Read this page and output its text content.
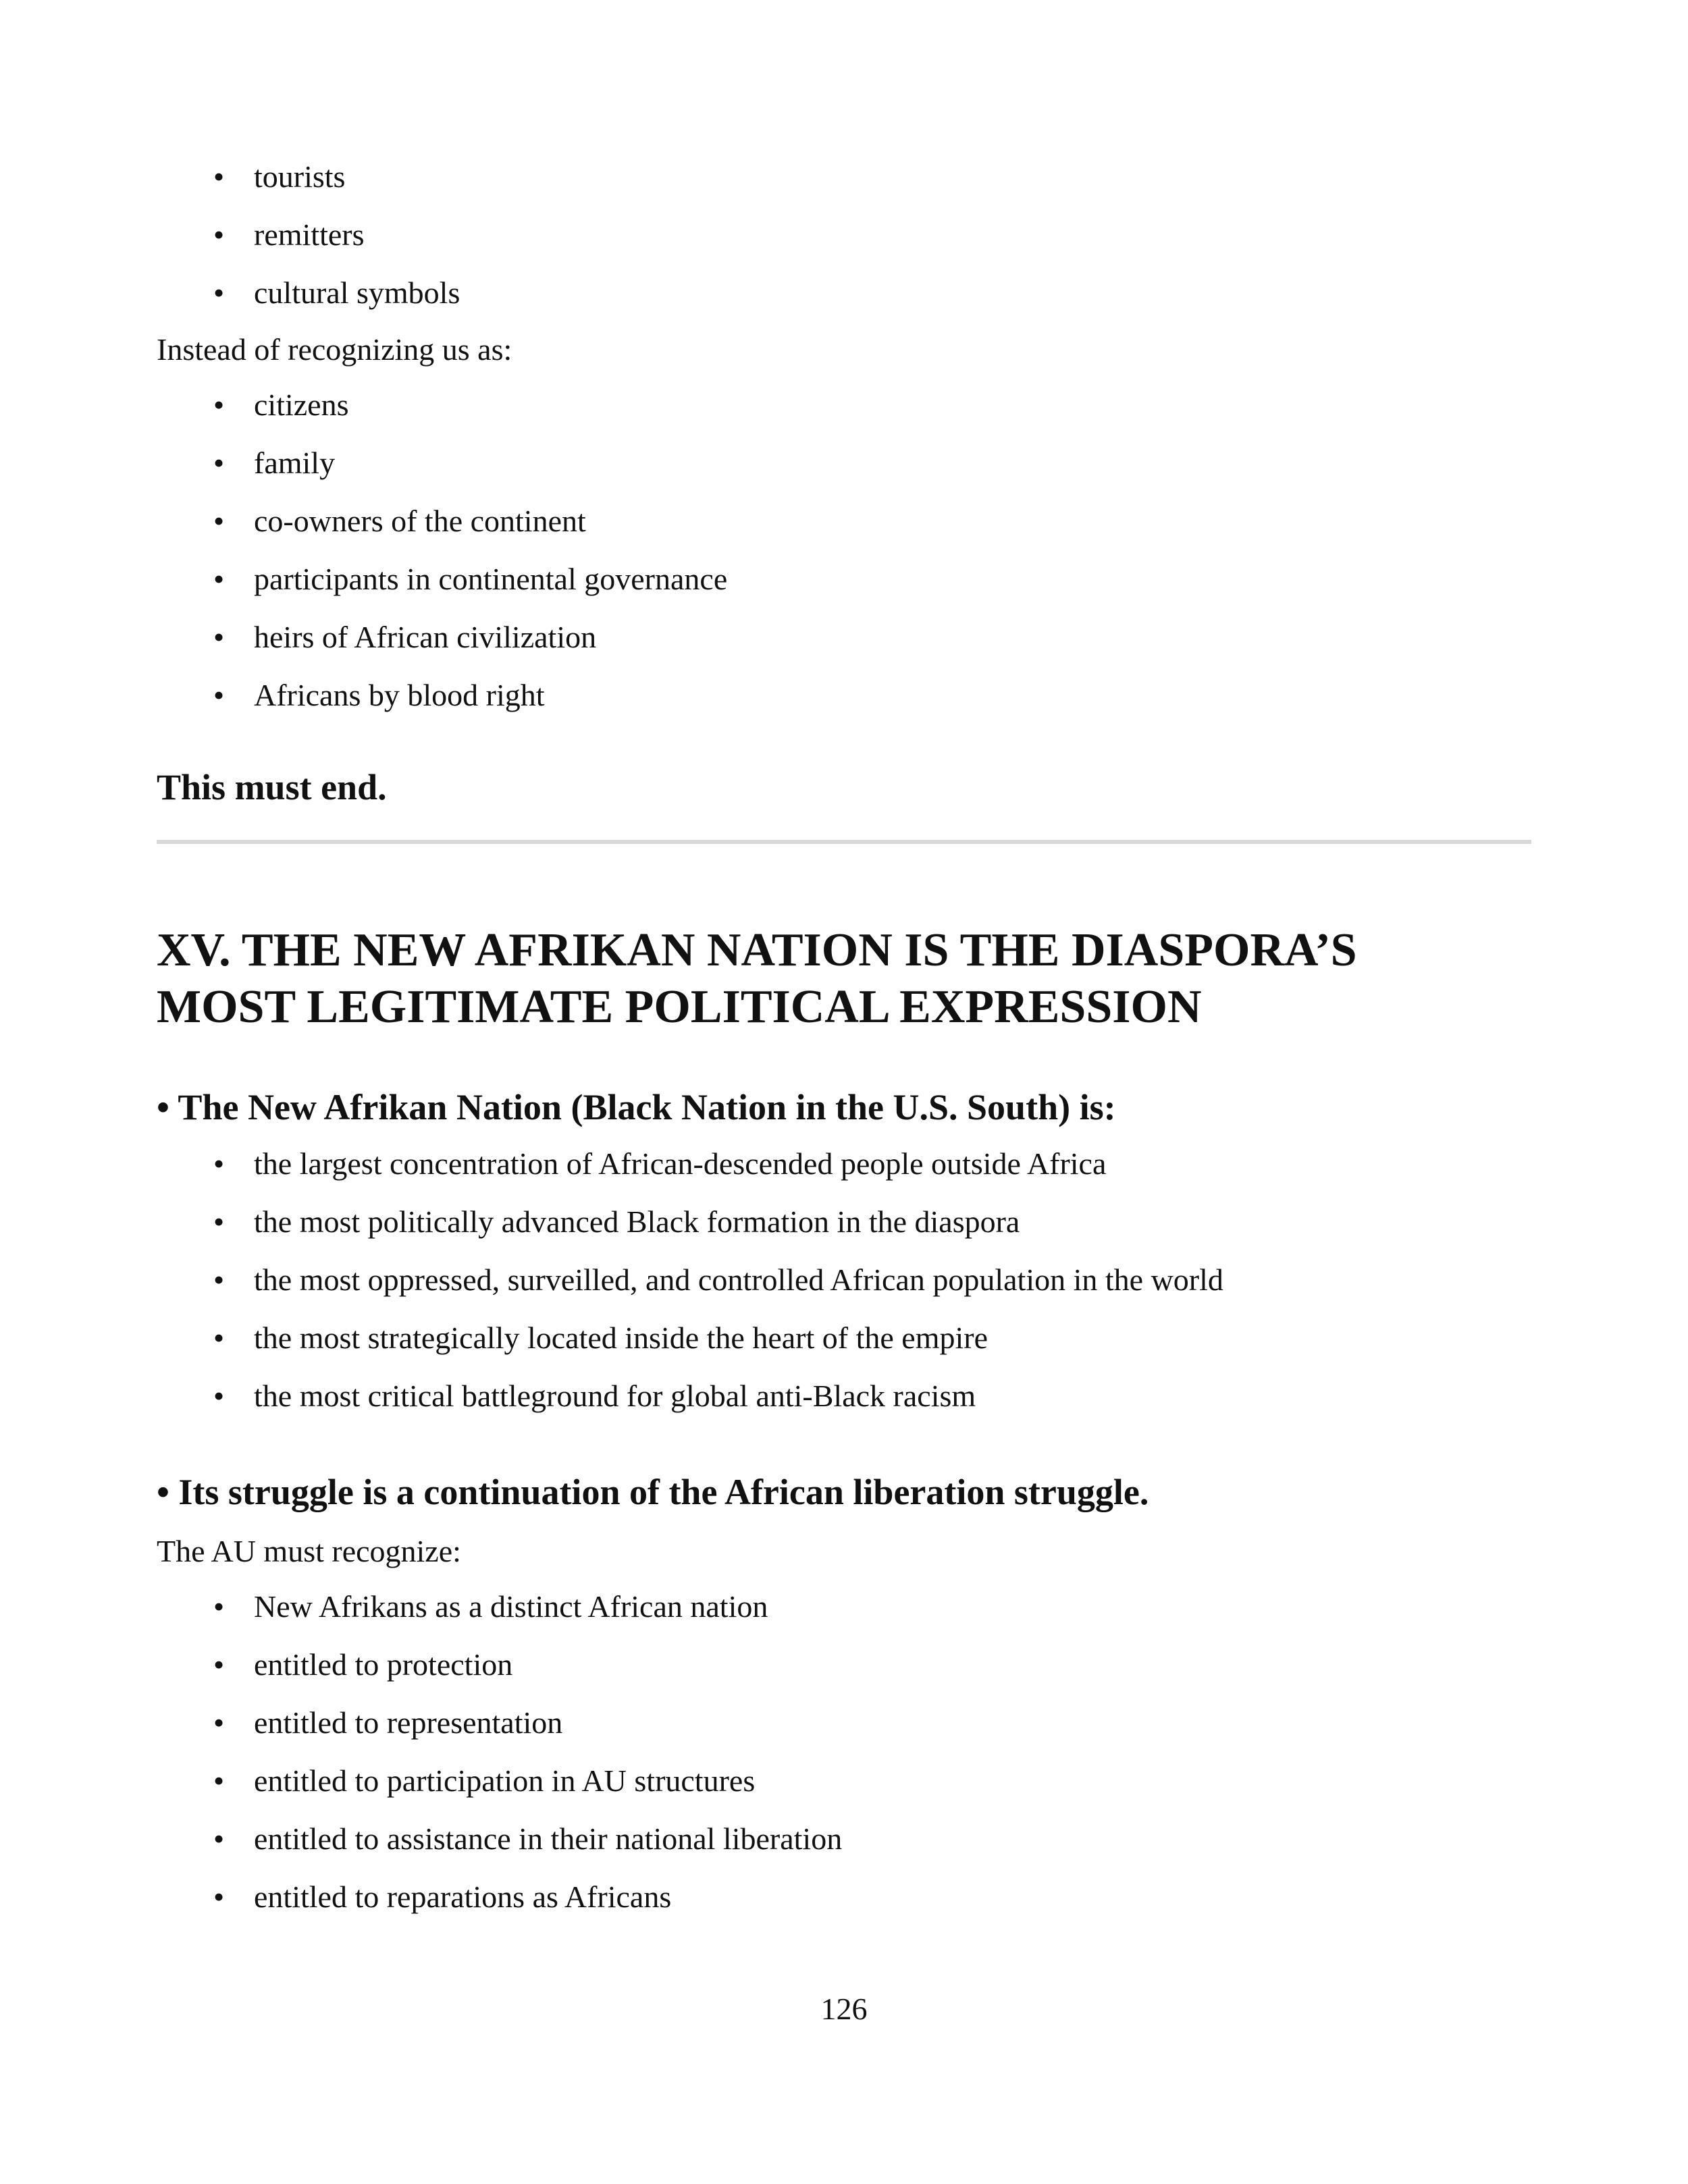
• tourists
• remitters
• cultural symbols
Instead of recognizing us as:
• citizens
• family
• co-owners of the continent
• participants in continental governance
• heirs of African civilization
• Africans by blood right
This must end.
XV. THE NEW AFRIKAN NATION IS THE DIASPORA’S
MOST LEGITIMATE POLITICAL EXPRESSION
• The New Afrikan Nation (Black Nation in the U.S. South) is:
• the largest concentration of African-descended people outside Africa
• the most politically advanced Black formation in the diaspora
• the most oppressed, surveilled, and controlled African population in the world
• the most strategically located inside the heart of the empire
• the most critical battleground for global anti-Black racism
• Its struggle is a continuation of the African liberation struggle.
The AU must recognize:
• New Afrikans as a distinct African nation
• entitled to protection
• entitled to representation
• entitled to participation in AU structures
• entitled to assistance in their national liberation
• entitled to reparations as Africans
126
